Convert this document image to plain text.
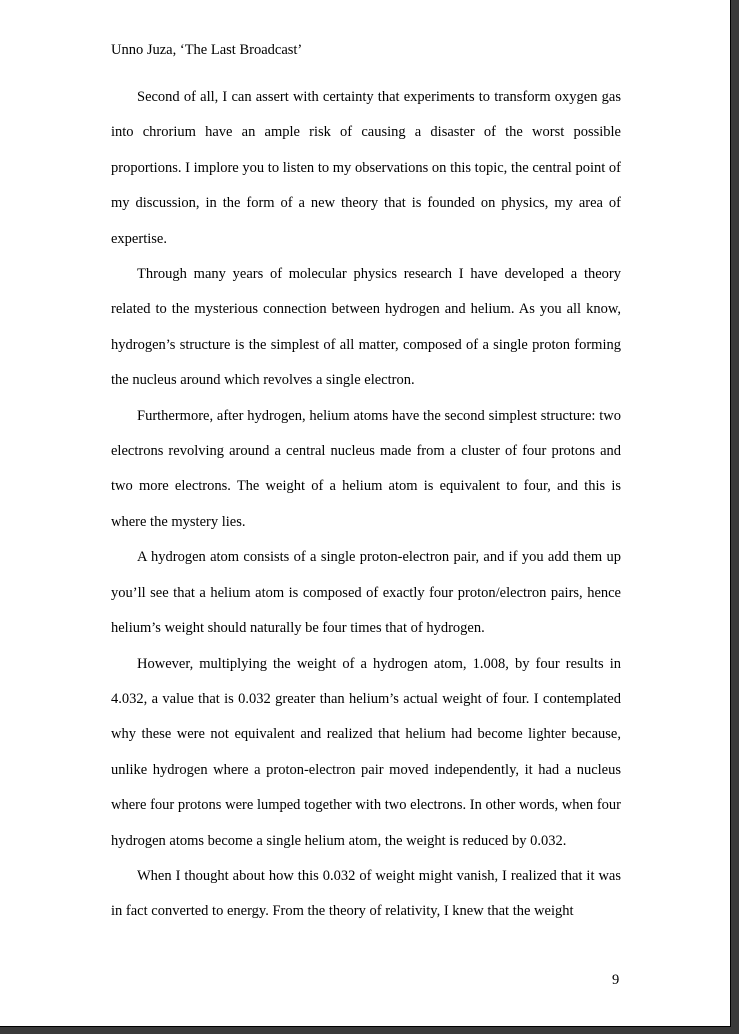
Unno Juza, ‘The Last Broadcast’

Second of all, I can assert with certainty that experiments to transform oxygen gas into chrorium have an ample risk of causing a disaster of the worst possible proportions. I implore you to listen to my observations on this topic, the central point of my discussion, in the form of a new theory that is founded on physics, my area of expertise.

Through many years of molecular physics research I have developed a theory related to the mysterious connection between hydrogen and helium. As you all know, hydrogen’s structure is the simplest of all matter, composed of a single proton forming the nucleus around which revolves a single electron.

Furthermore, after hydrogen, helium atoms have the second simplest structure: two electrons revolving around a central nucleus made from a cluster of four protons and two more electrons. The weight of a helium atom is equivalent to four, and this is where the mystery lies.

A hydrogen atom consists of a single proton-electron pair, and if you add them up you’ll see that a helium atom is composed of exactly four proton/electron pairs, hence helium’s weight should naturally be four times that of hydrogen.

However, multiplying the weight of a hydrogen atom, 1.008, by four results in 4.032, a value that is 0.032 greater than helium’s actual weight of four. I contemplated why these were not equivalent and realized that helium had become lighter because, unlike hydrogen where a proton-electron pair moved independently, it had a nucleus where four protons were lumped together with two electrons. In other words, when four hydrogen atoms become a single helium atom, the weight is reduced by 0.032.

When I thought about how this 0.032 of weight might vanish, I realized that it was in fact converted to energy. From the theory of relativity, I knew that the weight

9
